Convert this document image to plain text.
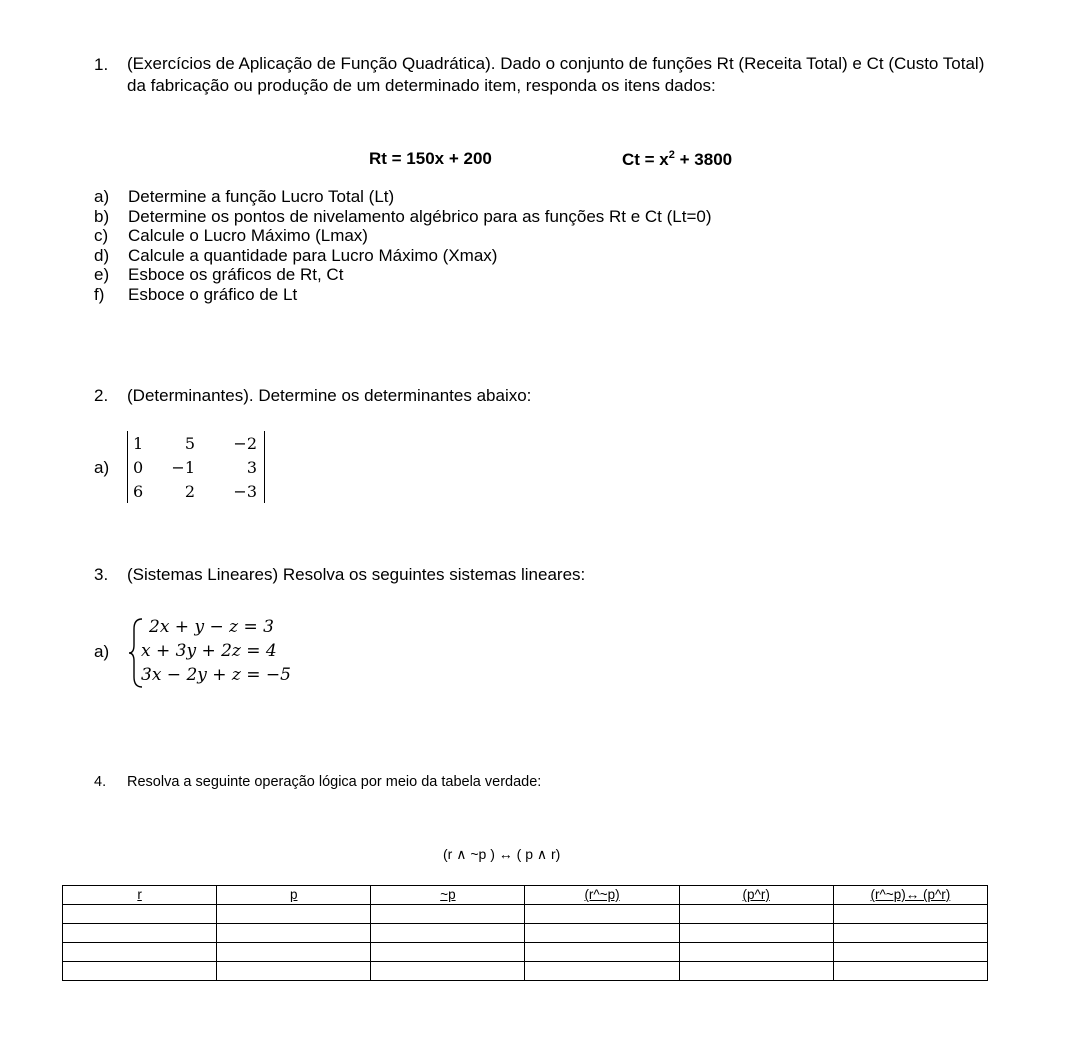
1. (Exercícios de Aplicação de Função Quadrática). Dado o conjunto de funções Rt (Receita Total) e Ct (Custo Total) da fabricação ou produção de um determinado item, responda os itens dados:
Rt = 150x + 200	$Ct = x^2 + 3800$
a)	Determine a função Lucro Total (Lt)
b)	Determine os pontos de nivelamento algébrico para as funções Rt e Ct (Lt=0)
c)	Calcule o Lucro Máximo (Lmax)
d)	Calcule a quantidade para Lucro Máximo (Xmax)
e)	Esboce os gráficos de Rt, Ct
f)	Esboce o gráfico de Lt
2. (Determinantes). Determine os determinantes abaixo:
a)
1	5	−2
0	−1	3
6	2	−3
3. (Sistemas Lineares) Resolva os seguintes sistemas lineares:
a)
2x + y − z = 3
x + 3y + 2z = 4
3x − 2y + z = −5
4. Resolva a seguinte operação lógica por meio da tabela verdade:
(r ∧ ~p ) ↔ ( p ∧ r)
r	p	~p	(r^~p)	(p^r)	(r^~p)↔ (p^r)
